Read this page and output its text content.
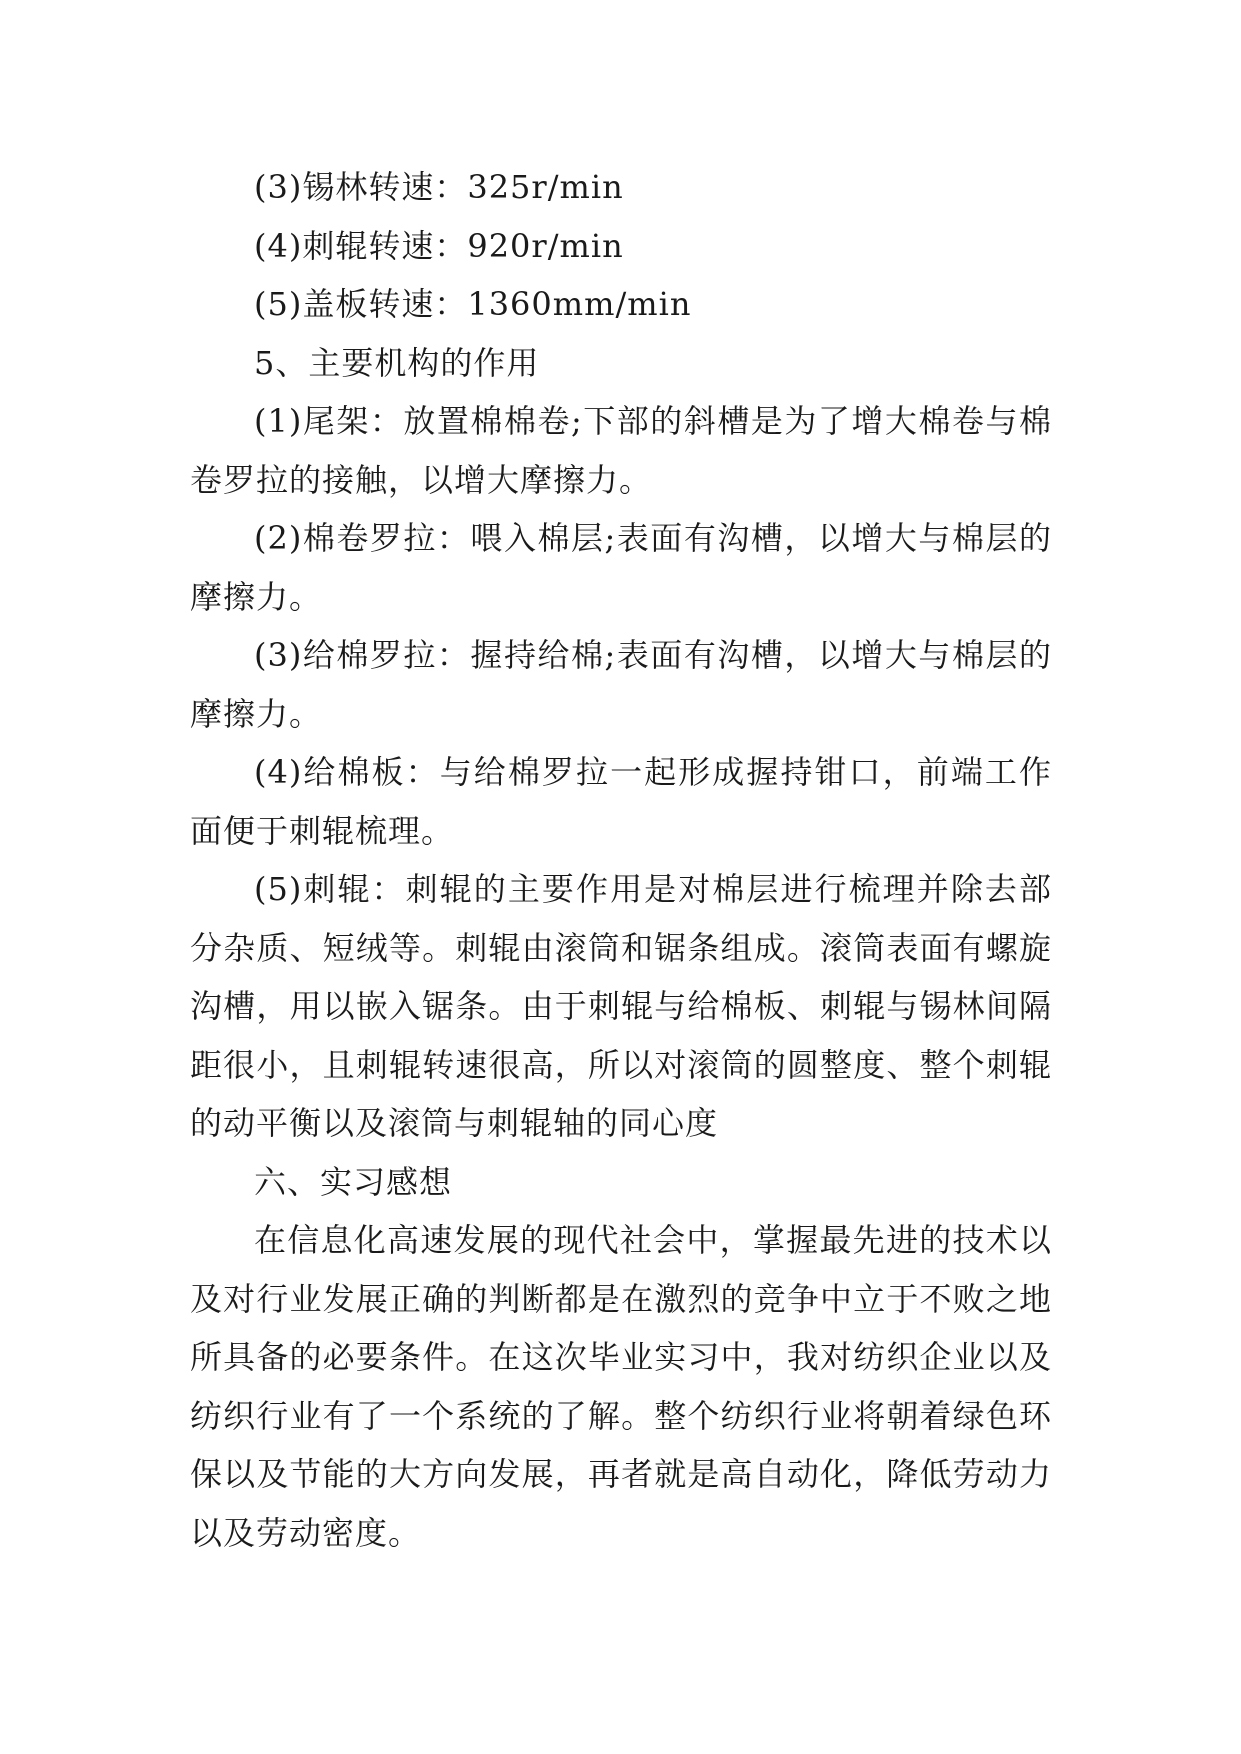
(3)锡林转速：325r/min

(4)刺辊转速：920r/min

(5)盖板转速：1360mm/min

5、主要机构的作用

(1)尾架：放置棉棉卷;下部的斜槽是为了增大棉卷与棉卷罗拉的接触，以增大摩擦力。

(2)棉卷罗拉：喂入棉层;表面有沟槽，以增大与棉层的摩擦力。

(3)给棉罗拉：握持给棉;表面有沟槽，以增大与棉层的摩擦力。

(4)给棉板：与给棉罗拉一起形成握持钳口，前端工作面便于刺辊梳理。

(5)刺辊：刺辊的主要作用是对棉层进行梳理并除去部分杂质、短绒等。刺辊由滚筒和锯条组成。滚筒表面有螺旋沟槽，用以嵌入锯条。由于刺辊与给棉板、刺辊与锡林间隔距很小，且刺辊转速很高，所以对滚筒的圆整度、整个刺辊的动平衡以及滚筒与刺辊轴的同心度

六、实习感想

在信息化高速发展的现代社会中，掌握最先进的技术以及对行业发展正确的判断都是在激烈的竞争中立于不败之地所具备的必要条件。在这次毕业实习中，我对纺织企业以及纺织行业有了一个系统的了解。整个纺织行业将朝着绿色环保以及节能的大方向发展，再者就是高自动化，降低劳动力以及劳动密度。
